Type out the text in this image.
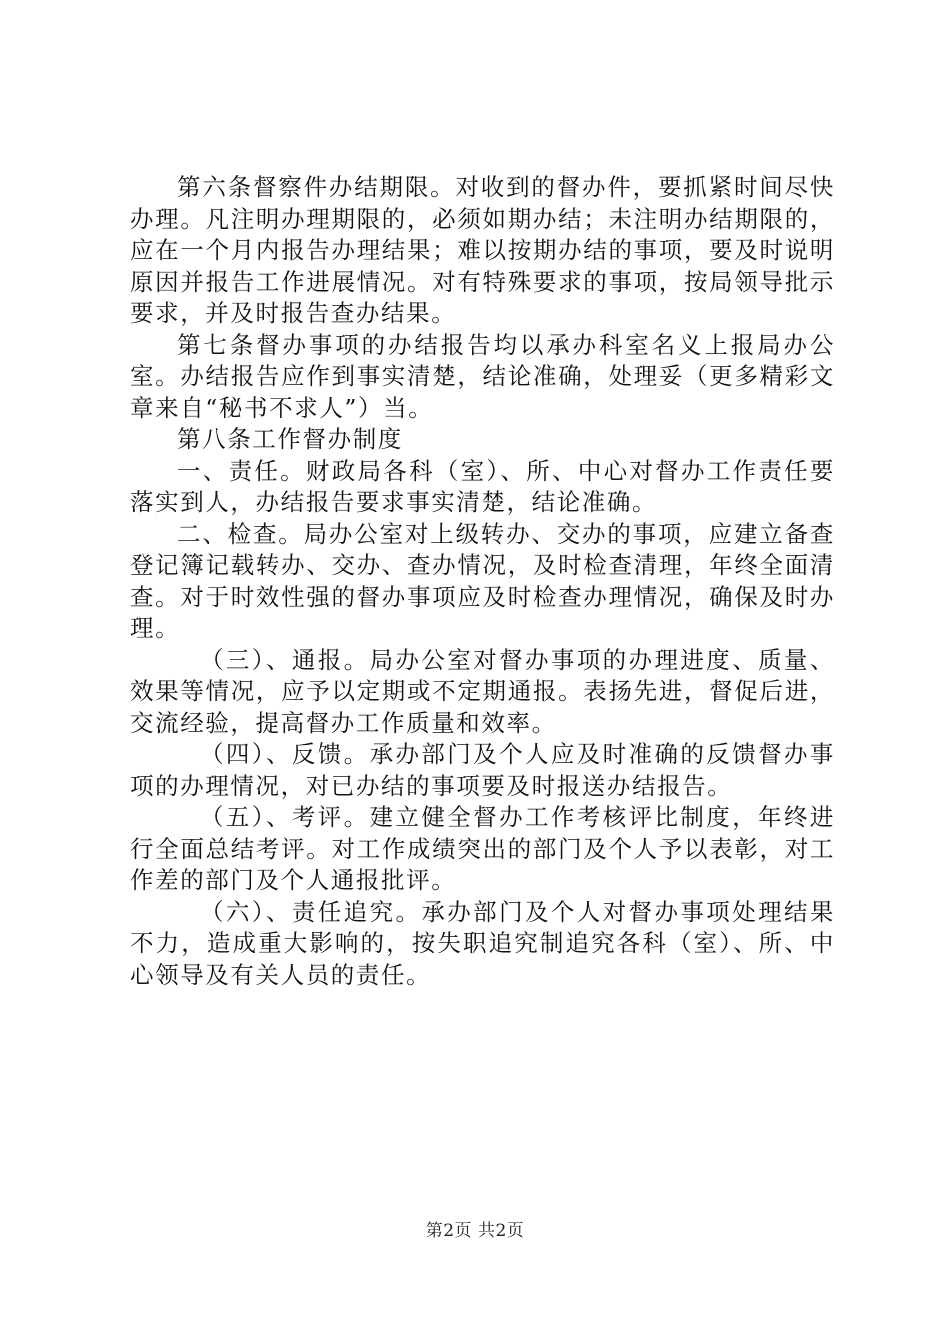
第六条督察件办结期限。对收到的督办件，要抓紧时间尽快办理。凡注明办理期限的，必须如期办结；未注明办结期限的，应在一个月内报告办理结果；难以按期办结的事项，要及时说明原因并报告工作进展情况。对有特殊要求的事项，按局领导批示要求，并及时报告查办结果。

第七条督办事项的办结报告均以承办科室名义上报局办公室。办结报告应作到事实清楚，结论准确，处理妥（更多精彩文章来自“秘书不求人”）当。

第八条工作督办制度

一、责任。财政局各科（室）、所、中心对督办工作责任要落实到人，办结报告要求事实清楚，结论准确。

二、检查。局办公室对上级转办、交办的事项，应建立备查登记簿记载转办、交办、查办情况，及时检查清理，年终全面清查。对于时效性强的督办事项应及时检查办理情况，确保及时办理。

（三）、通报。局办公室对督办事项的办理进度、质量、效果等情况，应予以定期或不定期通报。表扬先进，督促后进，交流经验，提高督办工作质量和效率。

（四）、反馈。承办部门及个人应及时准确的反馈督办事项的办理情况，对已办结的事项要及时报送办结报告。

（五）、考评。建立健全督办工作考核评比制度，年终进行全面总结考评。对工作成绩突出的部门及个人予以表彰，对工作差的部门及个人通报批评。

（六）、责任追究。承办部门及个人对督办事项处理结果不力，造成重大影响的，按失职追究制追究各科（室）、所、中心领导及有关人员的责任。

第2页 共2页
